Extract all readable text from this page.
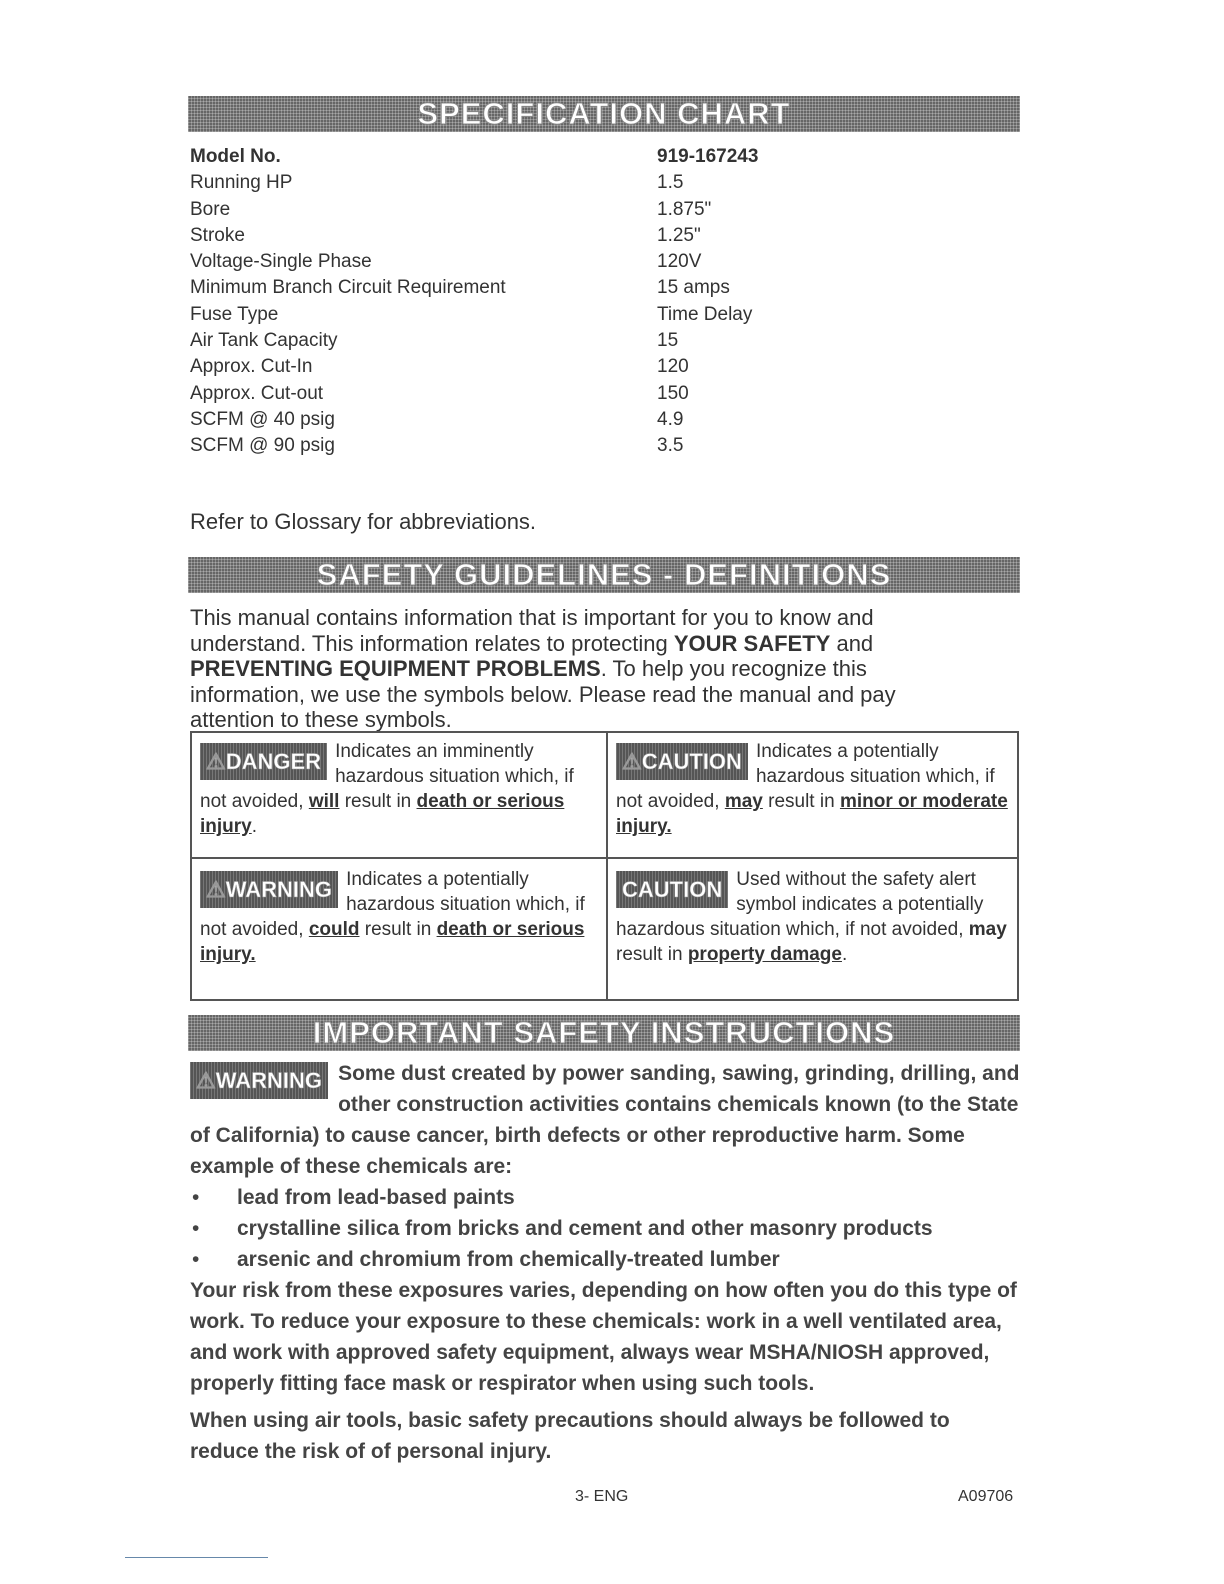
SPECIFICATION CHART
Model No.	919-167243
Running HP	1.5
Bore	1.875"
Stroke	1.25"
Voltage-Single Phase	120V
Minimum Branch Circuit Requirement	15 amps
Fuse Type	Time Delay
Air Tank Capacity	15
Approx. Cut-In	120
Approx. Cut-out	150
SCFM @ 40 psig	4.9
SCFM @ 90 psig	3.5
Refer to Glossary for abbreviations.
SAFETY GUIDELINES - DEFINITIONS
This manual contains information that is important for you to know and understand. This information relates to protecting YOUR SAFETY and PREVENTING EQUIPMENT PROBLEMS. To help you recognize this information, we use the symbols below. Please read the manual and pay attention to these symbols.
⚠DANGER Indicates an imminently hazardous situation which, if not avoided, will result in death or serious injury.
⚠CAUTION Indicates a potentially hazardous situation which, if not avoided, may result in minor or moderate injury.
⚠WARNING Indicates a potentially hazardous situation which, if not avoided, could result in death or serious injury.
CAUTION Used without the safety alert symbol indicates a potentially hazardous situation which, if not avoided, may result in property damage.
IMPORTANT SAFETY INSTRUCTIONS

⚠WARNING Some dust created by power sanding, sawing, grinding, drilling, and other construction activities contains chemicals known (to the State of California) to cause cancer, birth defects or other reproductive harm. Some example of these chemicals are:

• lead from lead-based paints
• crystalline silica from bricks and cement and other masonry products
• arsenic and chromium from chemically-treated lumber

Your risk from these exposures varies, depending on how often you do this type of work. To reduce your exposure to these chemicals: work in a well ventilated area, and work with approved safety equipment, always wear MSHA/NIOSH approved, properly fitting face mask or respirator when using such tools.

When using air tools, basic safety precautions should always be followed to reduce the risk of of personal injury.

3- ENG	A09706
